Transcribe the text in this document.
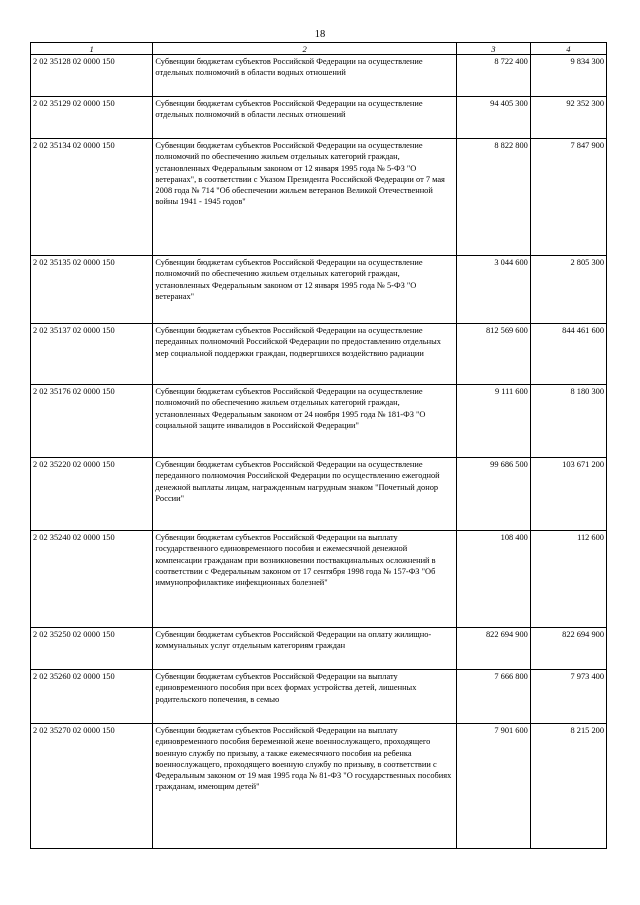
18
1	2	3	4
2 02 35128 02 0000 150	Субвенции бюджетам субъектов Российской Федерации на осуществление отдельных полномочий в области водных отношений	8 722 400	9 834 300
2 02 35129 02 0000 150	Субвенции бюджетам субъектов Российской Федерации на осуществление отдельных полномочий в области лесных отношений	94 405 300	92 352 300
2 02 35134 02 0000 150	Субвенции бюджетам субъектов Российской Федерации на осуществление полномочий по обеспечению жильем отдельных категорий граждан, установленных Федеральным законом от 12 января 1995 года № 5-ФЗ "О ветеранах", в соответствии с Указом Президента Российской Федерации от 7 мая 2008 года № 714 "Об обеспечении жильем ветеранов Великой Отечественной войны 1941 - 1945 годов"	8 822 800	7 847 900
2 02 35135 02 0000 150	Субвенции бюджетам субъектов Российской Федерации на осуществление полномочий по обеспечению жильем отдельных категорий граждан, установленных Федеральным законом от 12 января 1995 года № 5-ФЗ "О ветеранах"	3 044 600	2 805 300
2 02 35137 02 0000 150	Субвенции бюджетам субъектов Российской Федерации на осуществление переданных полномочий Российской Федерации по предоставлению отдельных мер социальной поддержки граждан, подвергшихся воздействию радиации	812 569 600	844 461 600
2 02 35176 02 0000 150	Субвенции бюджетам субъектов Российской Федерации на осуществление полномочий по обеспечению жильем отдельных категорий граждан, установленных Федеральным законом от 24 ноября 1995 года № 181-ФЗ "О социальной защите инвалидов в Российской Федерации"	9 111 600	8 180 300
2 02 35220 02 0000 150	Субвенции бюджетам субъектов Российской Федерации на осуществление переданного полномочия Российской Федерации по осуществлению ежегодной денежной выплаты лицам, награжденным нагрудным знаком "Почетный донор России"	99 686 500	103 671 200
2 02 35240 02 0000 150	Субвенции бюджетам субъектов Российской Федерации на выплату государственного единовременного пособия и ежемесячной денежной компенсации гражданам при возникновении поствакцинальных осложнений в соответствии с Федеральным законом от 17 сентября 1998 года № 157-ФЗ "Об иммунопрофилактике инфекционных болезней"	108 400	112 600
2 02 35250 02 0000 150	Субвенции бюджетам субъектов Российской Федерации на оплату жилищно-коммунальных услуг отдельным категориям граждан	822 694 900	822 694 900
2 02 35260 02 0000 150	Субвенции бюджетам субъектов Российской Федерации на выплату единовременного пособия при всех формах устройства детей, лишенных родительского попечения, в семью	7 666 800	7 973 400
2 02 35270 02 0000 150	Субвенции бюджетам субъектов Российской Федерации на выплату единовременного пособия беременной жене военнослужащего, проходящего военную службу по призыву, а также ежемесячного пособия на ребенка военнослужащего, проходящего военную службу по призыву, в соответствии с Федеральным законом от 19 мая 1995 года № 81-ФЗ "О государственных пособиях гражданам, имеющим детей"	7 901 600	8 215 200
